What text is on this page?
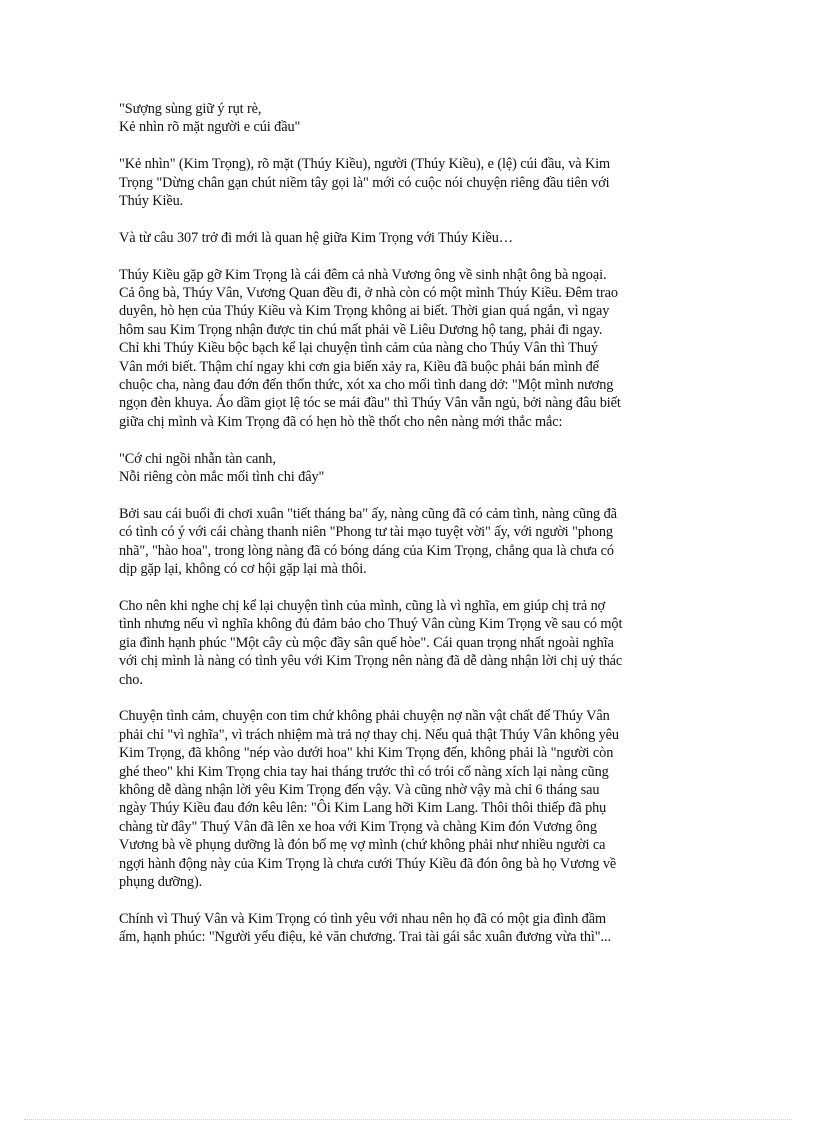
"Sượng sùng giữ ý rụt rè,
Kẻ nhìn rõ mặt người e cúi đầu"

"Kẻ nhìn" (Kim Trọng), rõ mặt (Thúy Kiều), người (Thúy Kiều), e (lệ) cúi đầu, và Kim
Trọng "Dừng chân gạn chút niềm tây gọi là" mới có cuộc nói chuyện riêng đầu tiên với
Thúy Kiều.

Và từ câu 307 trở đi mới là quan hệ giữa Kim Trọng với Thúy Kiều…

Thúy Kiều gặp gỡ Kim Trọng là cái đêm cả nhà Vương ông về sinh nhật ông bà ngoại.
Cả ông bà, Thúy Vân, Vương Quan đều đi, ở nhà còn có một mình Thúy Kiều. Đêm trao
duyên, hò hẹn của Thúy Kiều và Kim Trọng không ai biết. Thời gian quá ngắn, vì ngay
hôm sau Kim Trọng nhận được tin chú mất phải về Liêu Dương hộ tang, phải đi ngay.
Chỉ khi Thúy Kiều bộc bạch kể lại chuyện tình cảm của nàng cho Thúy Vân thì Thuý
Vân mới biết. Thậm chí ngay khi cơn gia biến xảy ra, Kiều đã buộc phải bán mình để
chuộc cha, nàng đau đớn đến thổn thức, xót xa cho mối tình dang dở: "Một mình nương
ngọn đèn khuya. Áo dầm giọt lệ tóc se mái đầu" thì Thúy Vân vẫn ngủ, bởi nàng đâu biết
giữa chị mình và Kim Trọng đã có hẹn hò thề thốt cho nên nàng mới thắc mắc:

"Cớ chi ngồi nhẫn tàn canh,
Nỗi riêng còn mắc mối tình chi đây"

Bởi sau cái buổi đi chơi xuân "tiết tháng ba" ấy, nàng cũng đã có cảm tình, nàng cũng đã
có tình có ý với cái chàng thanh niên "Phong tư tài mạo tuyệt vời" ấy, với người "phong
nhã", "hào hoa", trong lòng nàng đã có bóng dáng của Kim Trọng, chẳng qua là chưa có
dịp gặp lại, không có cơ hội gặp lại mà thôi.

Cho nên khi nghe chị kể lại chuyện tình của mình, cũng là vì nghĩa, em giúp chị trả nợ
tình nhưng nếu vì nghĩa không đủ đảm bảo cho Thuý Vân cùng Kim Trọng về sau có một
gia đình hạnh phúc "Một cây cù mộc đầy sân quế hòe". Cái quan trọng nhất ngoài nghĩa
với chị mình là nàng có tình yêu với Kim Trọng nên nàng đã dễ dàng nhận lời chị uỷ thác
cho.

Chuyện tình cảm, chuyện con tim chứ không phải chuyện nợ nần vật chất để Thúy Vân
phải chỉ "vì nghĩa", vì trách nhiệm mà trả nợ thay chị. Nếu quả thật Thúy Vân không yêu
Kim Trọng, đã không "nép vào dưới hoa" khi Kim Trọng đến, không phải là "người còn
ghé theo" khi Kim Trọng chia tay hai tháng trước thì có trói cổ nàng xích lại nàng cũng
không dễ dàng nhận lời yêu Kim Trọng đến vậy. Và cũng nhờ vậy mà chỉ 6 tháng sau
ngày Thúy Kiều đau đớn kêu lên: "Ôi Kim Lang hỡi Kim Lang. Thôi thôi thiếp đã phụ
chàng từ đây" Thuý Vân đã lên xe hoa với Kim Trọng và chàng Kim đón Vương ông
Vương bà về phụng dưỡng là đón bố mẹ vợ mình (chứ không phải như nhiều người ca
ngợi hành động này của Kim Trọng là chưa cưới Thúy Kiều đã đón ông bà họ Vương về
phụng dưỡng).

Chính vì Thuý Vân và Kim Trọng có tình yêu với nhau nên họ đã có một gia đình đầm
ấm, hạnh phúc: "Người yểu điệu, kẻ văn chương. Trai tài gái sắc xuân đương vừa thì"...
